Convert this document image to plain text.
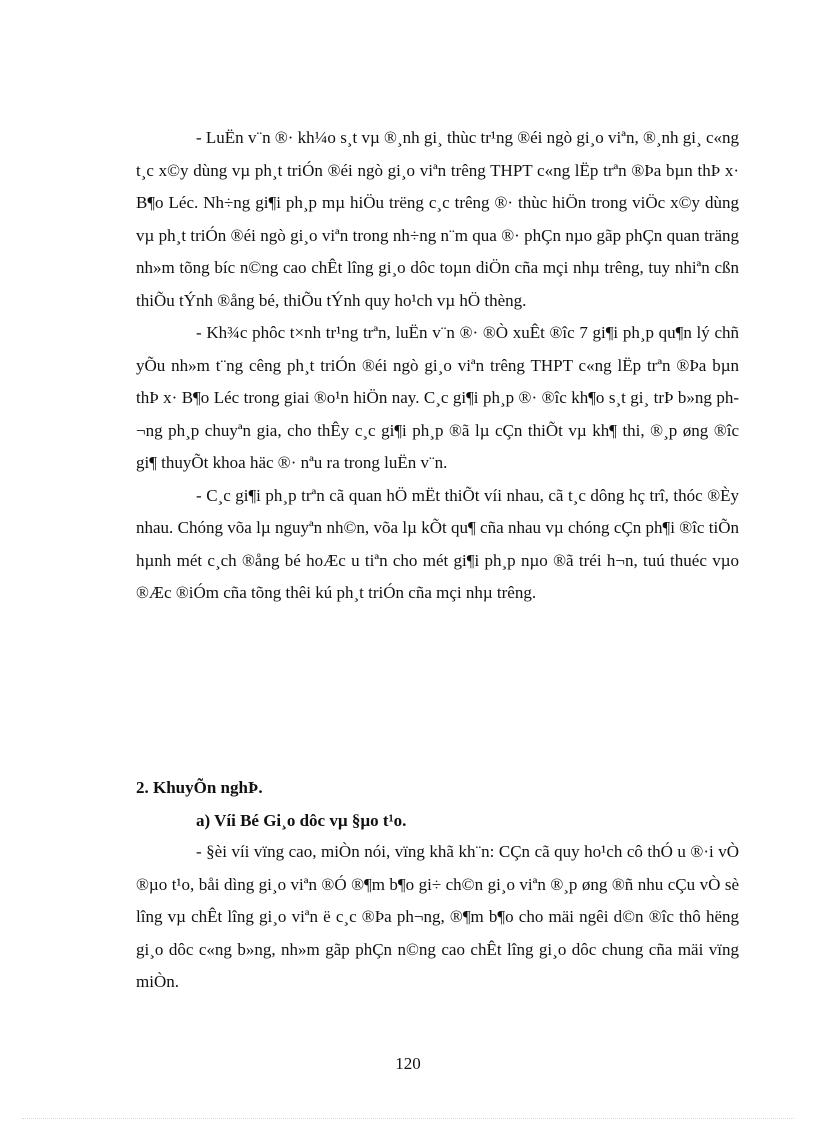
- LuËn v¨n ®· kh¼o s¸t vµ ®¸nh gi¸ thùc tr¹ng ®éi ngò gi¸o viªn, ®¸nh gi¸ c«ng t¸c x©y dùng vµ ph¸t triÓn ®éi ngò gi¸o viªn trêng THPT c«ng lËp trªn ®Þa bµn thÞ x· B¶o Léc. Nh÷ng gi¶i ph¸p mµ hiÖu trëng c¸c trêng ®· thùc hiÖn trong viÖc x©y dùng vµ ph¸t triÓn ®éi ngò gi¸o viªn trong nh÷ng n¨m qua ®· phÇn nµo gãp phÇn quan träng nh»m tõng bíc n©ng cao chÊt lîng gi¸o dôc toµn diÖn cña mçi nhµ trêng, tuy nhiªn cßn thiÕu tÝnh ®ång bé, thiÕu tÝnh quy ho¹ch vµ hÖ thèng.

- Kh¾c phôc t×nh tr¹ng trªn, luËn v¨n ®· ®Ò xuÊt ®îc 7 gi¶i ph¸p qu¶n lý chñ yÕu nh»m t¨ng cêng ph¸t triÓn ®éi ngò gi¸o viªn trêng THPT c«ng lËp trªn ®Þa bµn thÞ x· B¶o Léc trong giai ®o¹n hiÖn nay. C¸c gi¶i ph¸p ®· ®îc kh¶o s¸t gi¸ trÞ b»ng ph¬ng ph¸p chuyªn gia, cho thÊy c¸c gi¶i ph¸p ®ã lµ cÇn thiÕt vµ kh¶ thi, ®¸p øng ®îc gi¶ thuyÕt khoa häc ®· nªu ra trong luËn v¨n.

- C¸c gi¶i ph¸p trªn cã quan hÖ mËt thiÕt víi nhau, cã t¸c dông hç trî, thóc ®Èy nhau. Chóng võa lµ nguyªn nh©n, võa lµ kÕt qu¶ cña nhau vµ chóng cÇn ph¶i ®îc tiÕn hµnh mét c¸ch ®ång bé hoÆc u tiªn cho mét gi¶i ph¸p nµo ®ã tréi h¬n, tuú thuéc vµo ®Æc ®iÓm cña tõng thêi kú ph¸t triÓn cña mçi nhµ trêng.

2. KhuyÕn nghÞ.
a) Víi Bé Gi¸o dôc vµ §µo t¹o.

- §èi víi vïng cao, miÒn nói, vïng khã kh¨n: CÇn cã quy ho¹ch cô thÓ u ®·i vÒ ®µo t¹o, båi dìng gi¸o viªn ®Ó ®¶m b¶o gi÷ ch©n gi¸o viªn ®¸p øng ®ñ nhu cÇu vÒ sè lîng vµ chÊt lîng gi¸o viªn ë c¸c ®Þa ph¬ng, ®¶m b¶o cho mäi ngêi d©n ®îc thô hëng gi¸o dôc c«ng b»ng, nh»m gãp phÇn n©ng cao chÊt lîng gi¸o dôc chung cña mäi vïng miÒn.

120
